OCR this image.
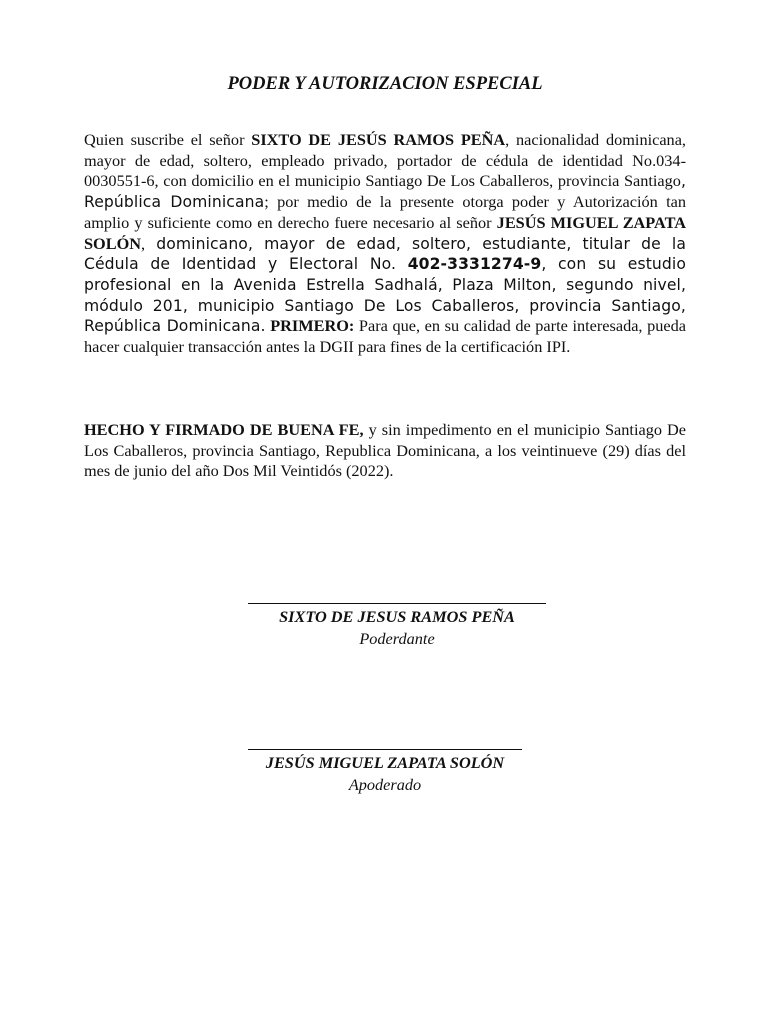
PODER Y AUTORIZACION ESPECIAL

Quien suscribe el señor SIXTO DE JESÚS RAMOS PEÑA, nacionalidad dominicana, mayor de edad, soltero, empleado privado, portador de cédula de identidad No.034-0030551-6, con domicilio en el municipio Santiago De Los Caballeros, provincia Santiago, República Dominicana; por medio de la presente otorga poder y Autorización tan amplio y suficiente como en derecho fuere necesario al señor JESÚS MIGUEL ZAPATA SOLÓN, dominicano, mayor de edad, soltero, estudiante, titular de la Cédula de Identidad y Electoral No. 402-3331274-9, con su estudio profesional en la Avenida Estrella Sadhalá, Plaza Milton, segundo nivel, módulo 201, municipio Santiago De Los Caballeros, provincia Santiago, República Dominicana. PRIMERO: Para que, en su calidad de parte interesada, pueda hacer cualquier transacción antes la DGII para fines de la certificación IPI.

HECHO Y FIRMADO DE BUENA FE, y sin impedimento en el municipio Santiago De Los Caballeros, provincia Santiago, Republica Dominicana, a los veintinueve (29) días del mes de junio del año Dos Mil Veintidós (2022).

SIXTO DE JESUS RAMOS PEÑA
Poderdante
JESÚS MIGUEL ZAPATA SOLÓN
Apoderado
